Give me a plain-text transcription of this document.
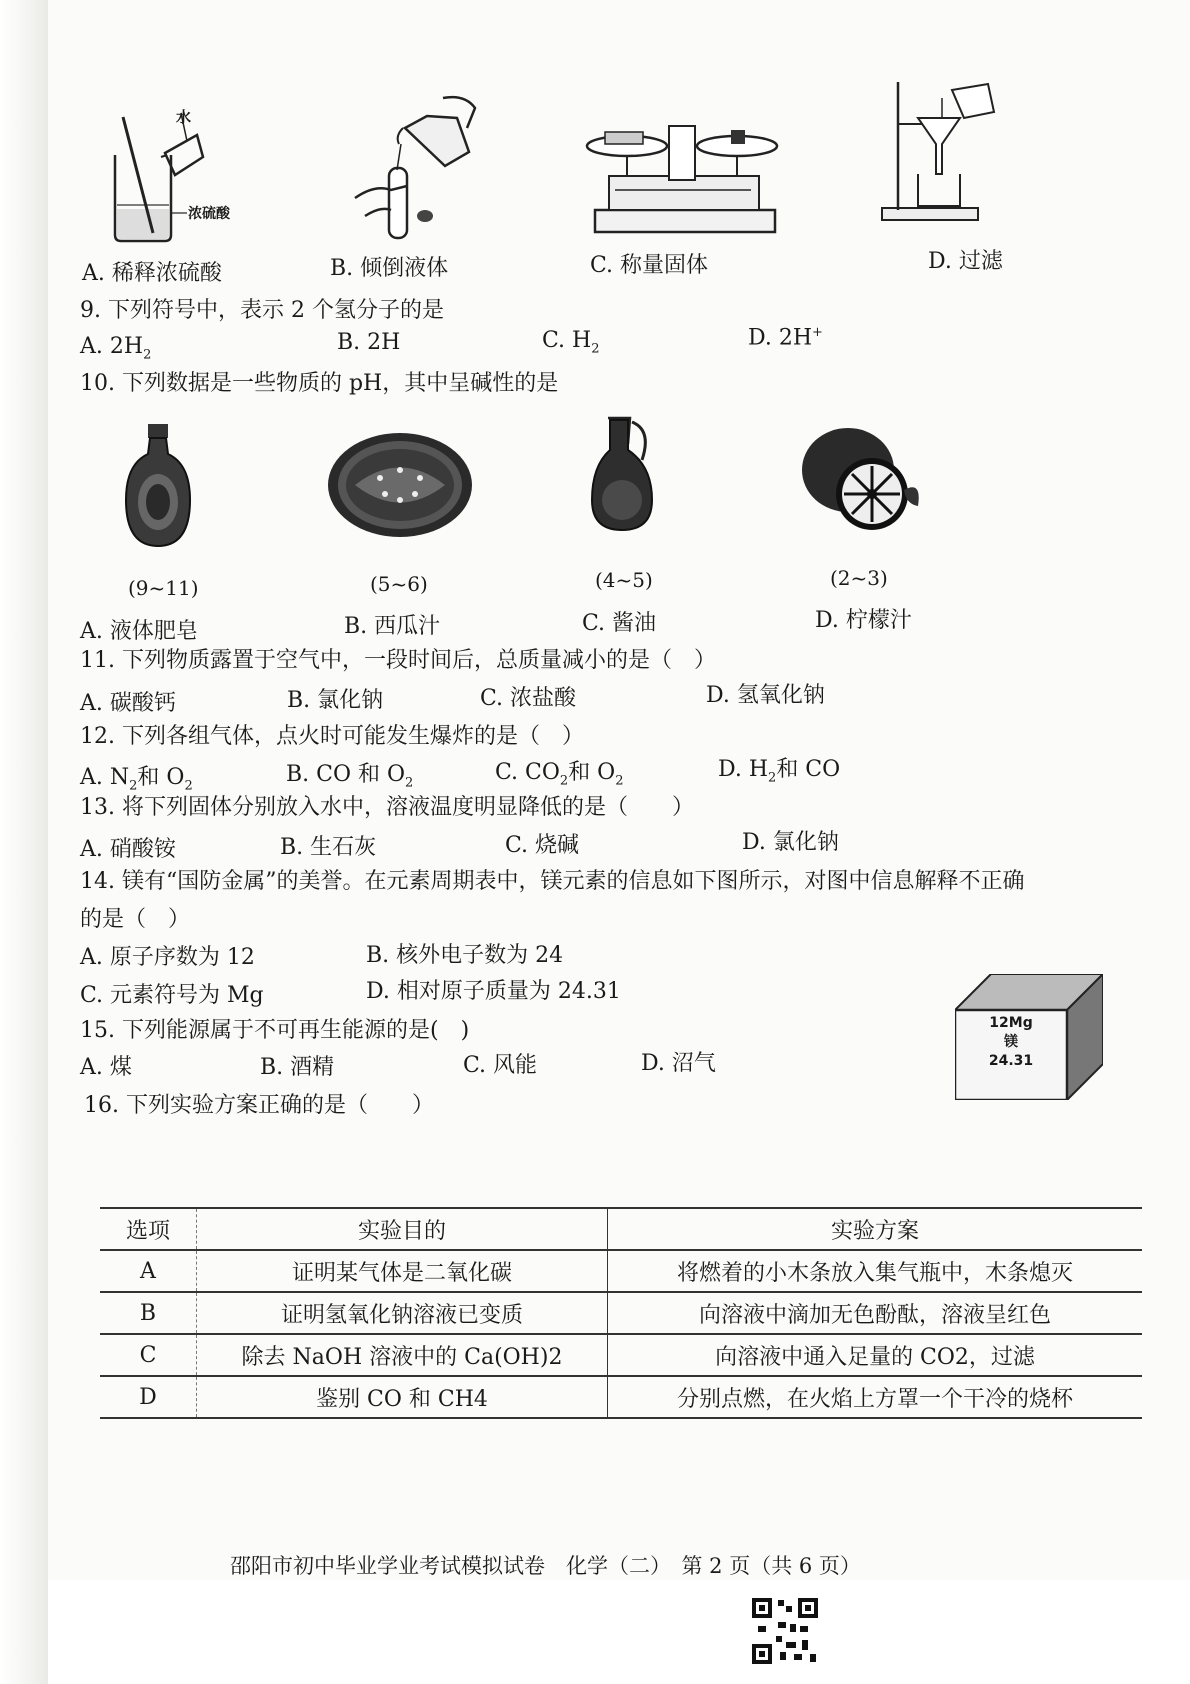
水
浓硫酸
A. 稀释浓硫酸	B. 倾倒液体	C. 称量固体	D. 过滤
9. 下列符号中，表示 2 个氢分子的是
A. $2H_2$	B. 2H	C. $H_2$	D. 2H+
10. 下列数据是一些物质的 pH，其中呈碱性的是
(9~11)	(5~6)	(4~5)	(2~3)
A. 液体肥皂	B. 西瓜汁	C. 酱油	D. 柠檬汁
11. 下列物质露置于空气中，一段时间后，总质量减小的是（　）
A. 碳酸钙	B. 氯化钠	C. 浓盐酸	D. 氢氧化钠
12. 下列各组气体，点火时可能发生爆炸的是（　）
A. $N_2$和 $O_2$	B. CO 和 $O_2$	C. $CO_2$和 $O_2$	D. $H_2$和 CO
13. 将下列固体分别放入水中，溶液温度明显降低的是（　　）
A. 硝酸铵	B. 生石灰	C. 烧碱	D. 氯化钠
14. 镁有“国防金属”的美誉。在元素周期表中，镁元素的信息如下图所示，对图中信息解释不正确
的是（　）
A. 原子序数为 12	B. 核外电子数为 24
C. 元素符号为 Mg	D. 相对原子质量为 24.31
12Mg
镁
24.31
15. 下列能源属于不可再生能源的是(　)
A. 煤	B. 酒精	C. 风能	D. 沼气
16. 下列实验方案正确的是（　　）
选项	实验目的	实验方案
A	证明某气体是二氧化碳	将燃着的小木条放入集气瓶中，木条熄灭
B	证明氢氧化钠溶液已变质	向溶液中滴加无色酚酞，溶液呈红色
C	除去 NaOH 溶液中的 Ca(OH)2	向溶液中通入足量的 CO2，过滤
D	鉴别 CO 和 CH4	分别点燃，在火焰上方罩一个干冷的烧杯
邵阳市初中毕业学业考试模拟试卷　化学（二）　第 2 页（共 6 页）
